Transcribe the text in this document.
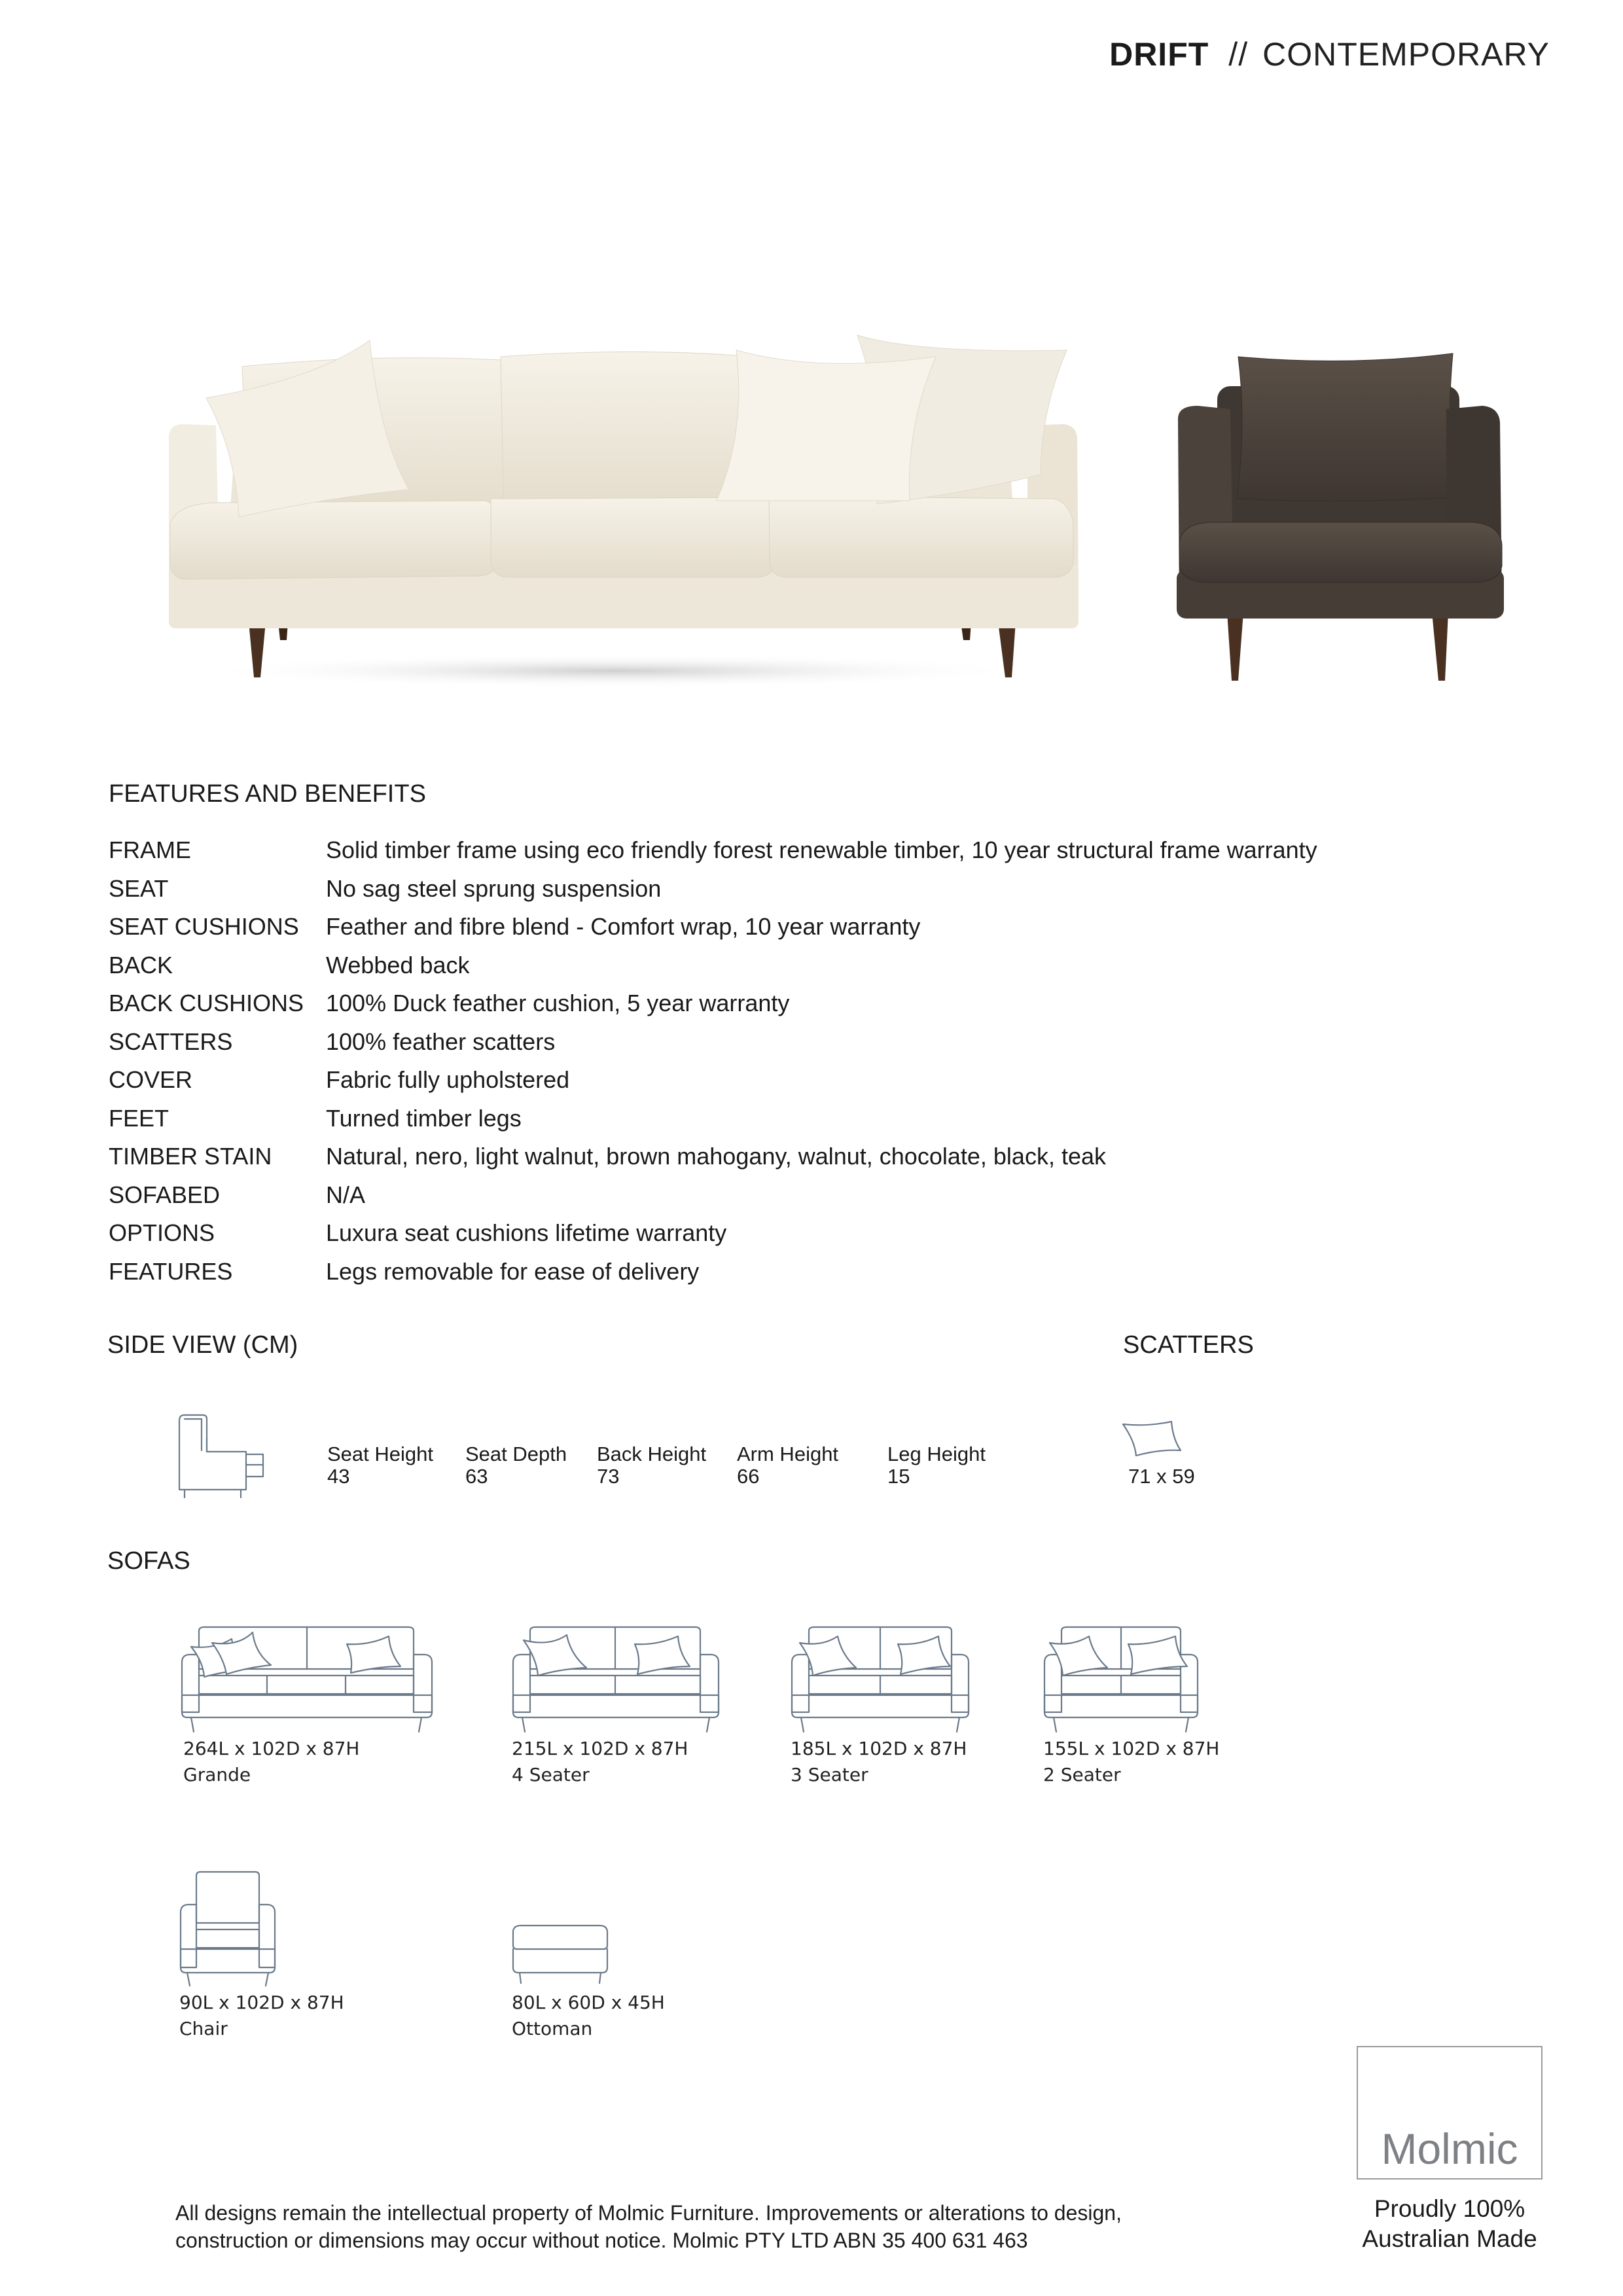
DRIFT // CONTEMPORARY
FEATURES AND BENEFITS
FRAME	Solid timber frame using eco friendly forest renewable timber, 10 year structural frame warranty
SEAT	No sag steel sprung suspension
SEAT CUSHIONS	Feather and fibre blend - Comfort wrap, 10 year warranty
BACK	Webbed back
BACK CUSHIONS 100% Duck feather cushion, 5 year warranty
SCATTERS	100% feather scatters
COVER	Fabric fully upholstered
FEET	Turned timber legs
TIMBER STAIN	Natural, nero, light walnut, brown mahogany, walnut, chocolate, black, teak
SOFABED	N/A
OPTIONS	Luxura seat cushions lifetime warranty
FEATURES	Legs removable for ease of delivery
SIDE VIEW (CM)
Seat Height
43
Seat Depth
63
Back Height
73
Arm Height
66
Leg Height
15
SCATTERS
71 x 59
SOFAS
264L x 102D x 87H
Grande
215L x 102D x 87H
4 Seater
185L x 102D x 87H
3 Seater
155L x 102D x 87H
2 Seater
90L x 102D x 87H
Chair
80L x 60D x 45H
Ottoman
All designs remain the intellectual property of Molmic Furniture. Improvements or alterations to design,
construction or dimensions may occur without notice. Molmic PTY LTD ABN 35 400 631 463
Molmic
Proudly 100%
Australian Made
